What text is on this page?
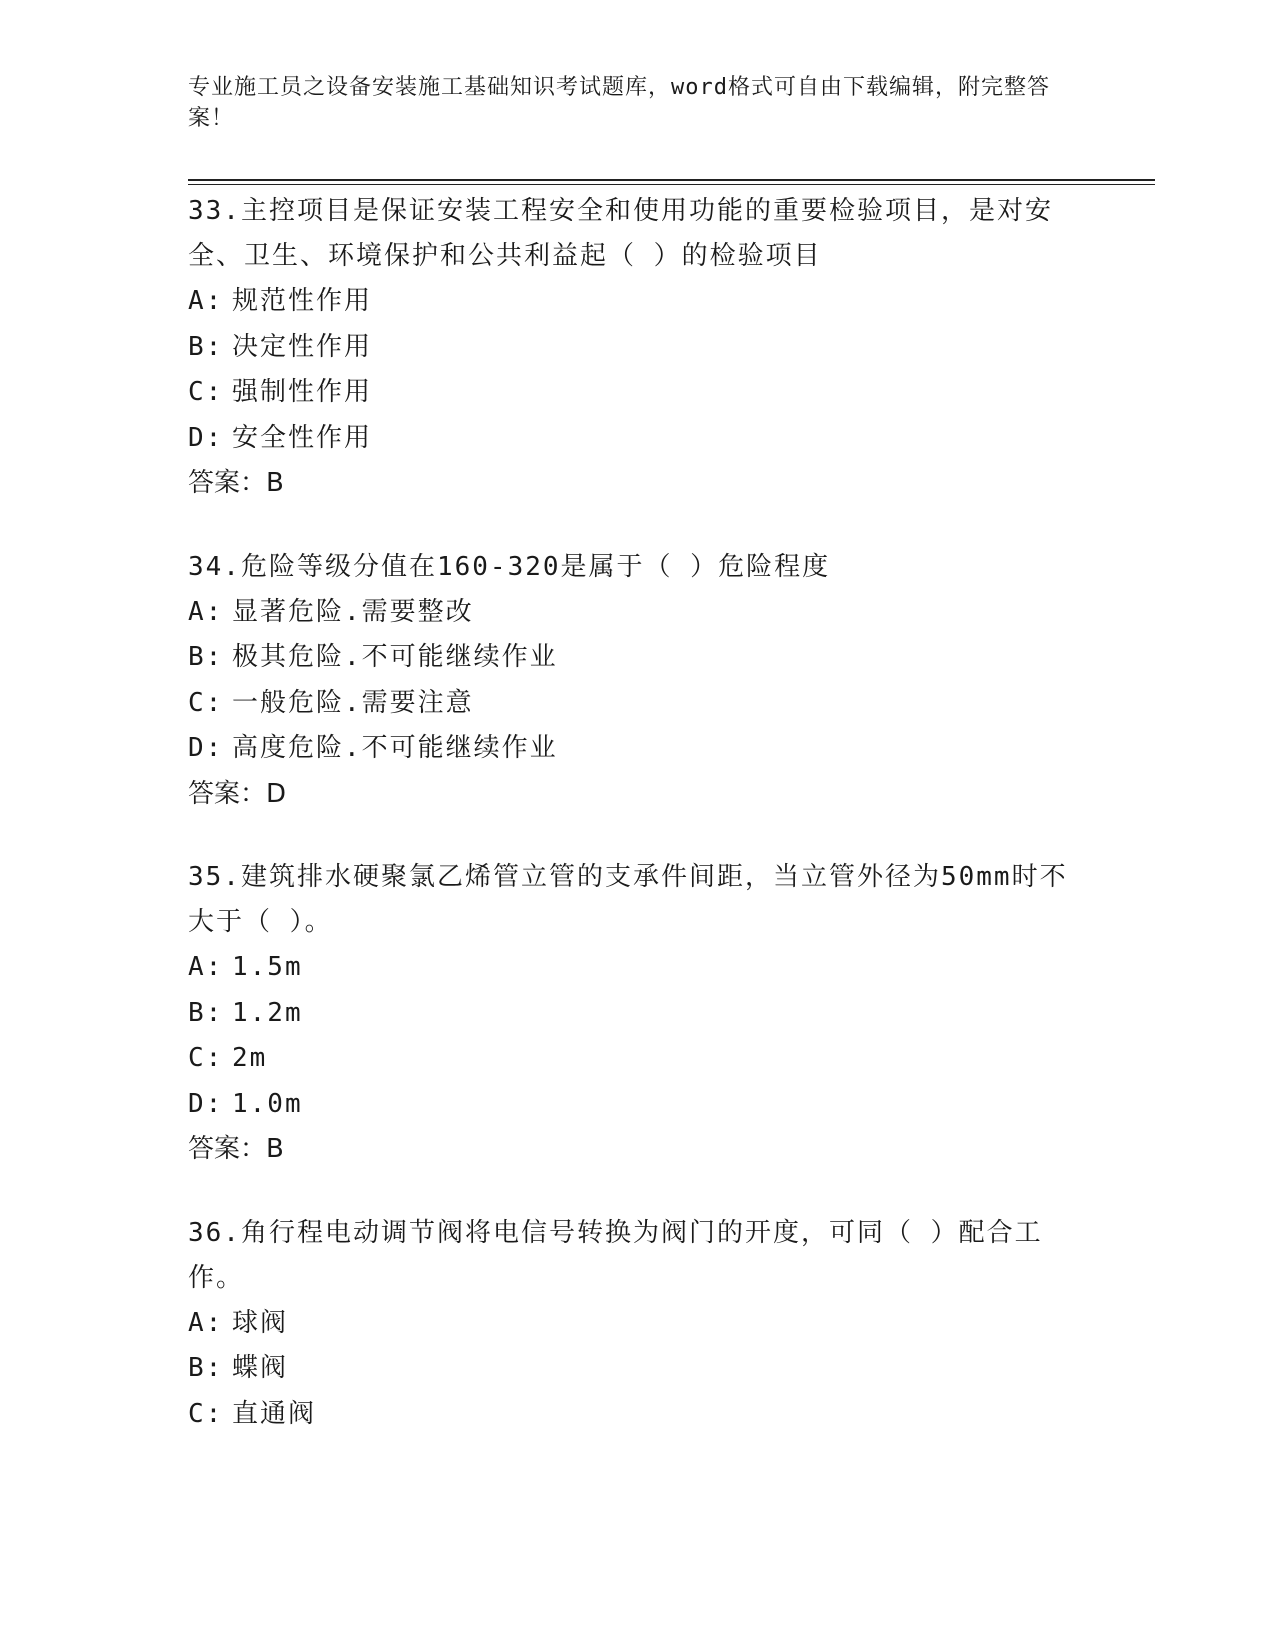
专业施工员之设备安装施工基础知识考试题库，word格式可自由下载编辑，附完整答案！

33.主控项目是保证安装工程安全和使用功能的重要检验项目，是对安全、卫生、环境保护和公共利益起（ ）的检验项目

A: 规范性作用

B: 决定性作用

C: 强制性作用

D: 安全性作用

答案：B

34.危险等级分值在160-320是属于（ ）危险程度

A: 显著危险.需要整改

B: 极其危险.不可能继续作业

C: 一般危险.需要注意

D: 高度危险.不可能继续作业

答案：D

35.建筑排水硬聚氯乙烯管立管的支承件间距，当立管外径为50mm时不大于（ ）。

A: 1.5m

B: 1.2m

C: 2m

D: 1.0m

答案：B

36.角行程电动调节阀将电信号转换为阀门的开度，可同（ ）配合工作。

A: 球阀

B: 蝶阀

C: 直通阀
